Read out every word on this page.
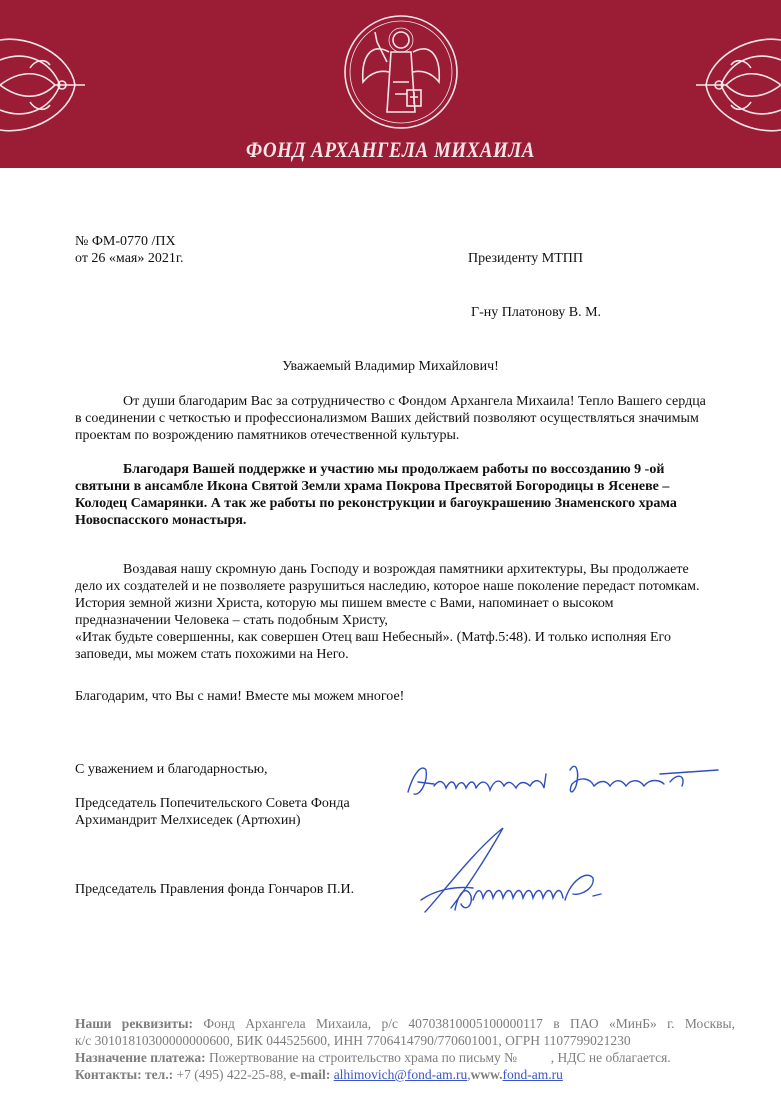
ФОНД АРХАНГЕЛА МИХАИЛА
№ ФМ-0770 /ПХ
от 26 «мая» 2021г.	Президенту МТПП
Г-ну Платонову В. М.
Уважаемый Владимир Михайлович!

От души благодарим Вас за сотрудничество с Фондом Архангела Михаила! Тепло Вашего сердца в соединении с четкостью и профессионализмом Ваших действий позволяют осуществляться значимым проектам по возрождению памятников отечественной культуры.

Благодаря Вашей поддержке и участию мы продолжаем работы по воссозданию 9 -ой святыни в ансамбле Икона Святой Земли храма Покрова Пресвятой Богородицы в Ясеневе – Колодец Самарянки. А так же работы по реконструкции и багоукрашению Знаменского храма Новоспасского монастыря.

Воздавая нашу скромную дань Господу и возрождая памятники архитектуры, Вы продолжаете дело их создателей и не позволяете разрушиться наследию, которое наше поколение передаст потомкам. История земной жизни Христа, которую мы пишем вместе с Вами, напоминает о высоком предназначении Человека – стать подобным Христу,

«Итак будьте совершенны, как совершен Отец ваш Небесный». (Матф.5:48). И только исполняя Его заповеди, мы можем стать похожими на Него.

Благодарим, что Вы с нами! Вместе мы можем многое!
С уважением и благодарностью,
Председатель Попечительского Совета Фонда
Архимандрит Мелхиседек (Артюхин)
Председатель Правления фонда Гончаров П.И.
Наши реквизиты: Фонд Архангела Михаила, р/с 40703810005100000117 в ПАО «МинБ» г. Москвы,
к/с 30101810300000000600, БИК 044525600, ИНН 7706414790/770601001, ОГРН 1107799021230
Назначение платежа: Пожертвование на строительство храма по письму №          , НДС не облагается.
Контакты: тел.: +7 (495) 422-25-88, e-mail: alhimovich@fond-am.ru,www.fond-am.ru
